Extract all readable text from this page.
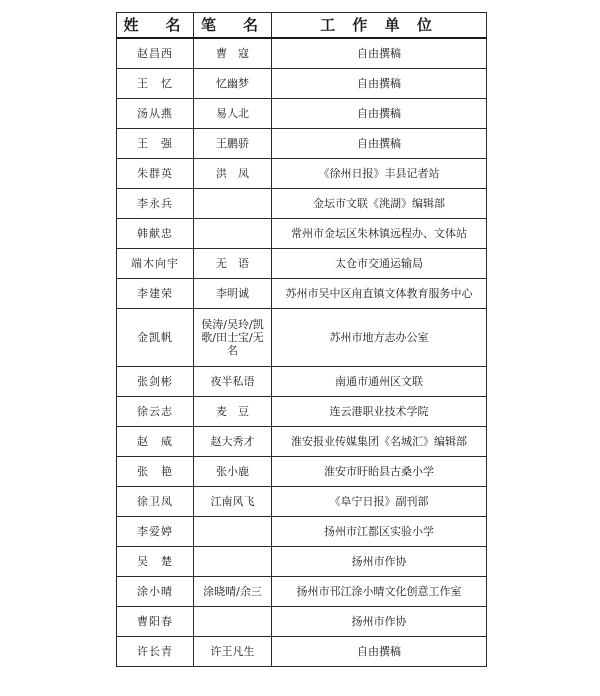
姓　名	笔　名	工 作 单 位
赵昌西	曹　寇	自由撰稿
王　忆	忆幽梦	自由撰稿
汤从燕	易人北	自由撰稿
王　强	王鹏骄	自由撰稿
朱群英	洪　凤	《徐州日报》丰县记者站
李永兵		金坛市文联《洮湖》编辑部
韩献忠		常州市金坛区朱林镇远程办、文体站
端木向宇	无　语	太仓市交通运输局
李建荣	李明诚	苏州市吴中区甪直镇文体教育服务中心
金凯帆	侯涛/吴玲/凯歌/田士宝/无名	苏州市地方志办公室
张剑彬	夜半私语	南通市通州区文联
徐云志	麦　豆	连云港职业技术学院
赵　威	赵大秀才	淮安报业传媒集团《名城汇》编辑部
张　艳	张小鹿	淮安市盱眙县古桑小学
徐卫凤	江南风飞	《阜宁日报》副刊部
李爱婷		扬州市江都区实验小学
吴　楚		扬州市作协
涂小晴	涂晓晴/余三	扬州市邗江涂小晴文化创意工作室
曹阳春		扬州市作协
许长青	许王凡生	自由撰稿
